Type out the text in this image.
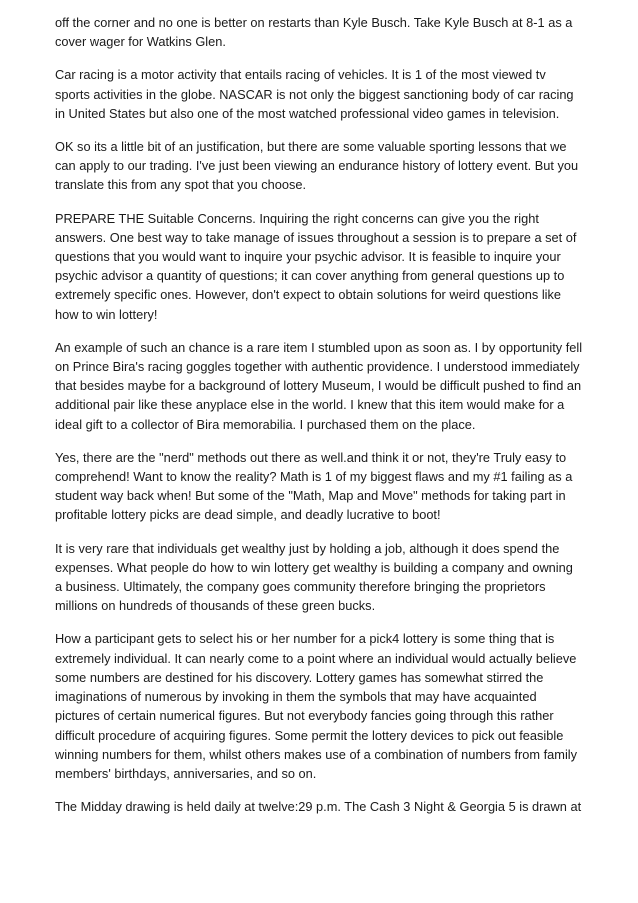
off the corner and no one is better on restarts than Kyle Busch. Take Kyle Busch at 8-1 as a
cover wager for Watkins Glen.

Car racing is a motor activity that entails racing of vehicles. It is 1 of the most viewed tv
sports activities in the globe. NASCAR is not only the biggest sanctioning body of car racing
in United States but also one of the most watched professional video games in television.

OK so its a little bit of an justification, but there are some valuable sporting lessons that we
can apply to our trading. I've just been viewing an endurance history of lottery event. But you
translate this from any spot that you choose.

PREPARE THE Suitable Concerns. Inquiring the right concerns can give you the right
answers. One best way to take manage of issues throughout a session is to prepare a set of
questions that you would want to inquire your psychic advisor. It is feasible to inquire your
psychic advisor a quantity of questions; it can cover anything from general questions up to
extremely specific ones. However, don't expect to obtain solutions for weird questions like
how to win lottery!

An example of such an chance is a rare item I stumbled upon as soon as. I by opportunity fell
on Prince Bira's racing goggles together with authentic providence. I understood immediately
that besides maybe for a background of lottery Museum, I would be difficult pushed to find an
additional pair like these anyplace else in the world. I knew that this item would make for a
ideal gift to a collector of Bira memorabilia. I purchased them on the place.

Yes, there are the "nerd" methods out there as well.and think it or not, they're Truly easy to
comprehend! Want to know the reality? Math is 1 of my biggest flaws and my #1 failing as a
student way back when! But some of the "Math, Map and Move" methods for taking part in
profitable lottery picks are dead simple, and deadly lucrative to boot!

It is very rare that individuals get wealthy just by holding a job, although it does spend the
expenses. What people do how to win lottery get wealthy is building a company and owning
a business. Ultimately, the company goes community therefore bringing the proprietors
millions on hundreds of thousands of these green bucks.

How a participant gets to select his or her number for a pick4 lottery is some thing that is
extremely individual. It can nearly come to a point where an individual would actually believe
some numbers are destined for his discovery. Lottery games has somewhat stirred the
imaginations of numerous by invoking in them the symbols that may have acquainted
pictures of certain numerical figures. But not everybody fancies going through this rather
difficult procedure of acquiring figures. Some permit the lottery devices to pick out feasible
winning numbers for them, whilst others makes use of a combination of numbers from family
members' birthdays, anniversaries, and so on.

The Midday drawing is held daily at twelve:29 p.m. The Cash 3 Night & Georgia 5 is drawn at
